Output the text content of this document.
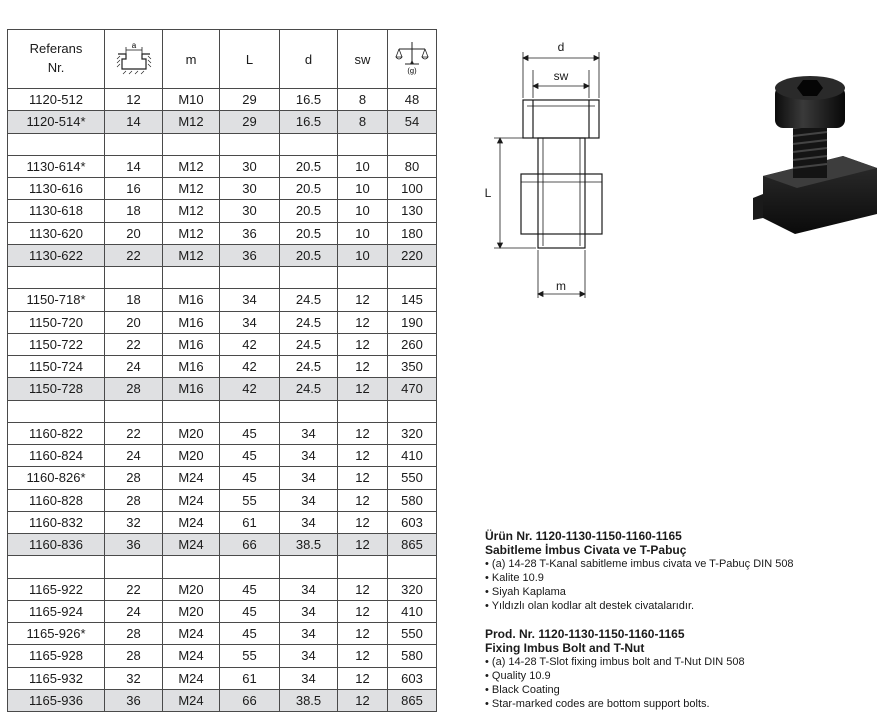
Referans
Nr.	a	m	L	d	sw	(g)

1120-512	12	M10	29	16.5	8	48
1120-514*	14	M12	29	16.5	8	54

1130-614*	14	M12	30	20.5	10	80
1130-616	16	M12	30	20.5	10	100
1130-618	18	M12	30	20.5	10	130
1130-620	20	M12	36	20.5	10	180
1130-622	22	M12	36	20.5	10	220

1150-718*	18	M16	34	24.5	12	145
1150-720	20	M16	34	24.5	12	190
1150-722	22	M16	42	24.5	12	260
1150-724	24	M16	42	24.5	12	350
1150-728	28	M16	42	24.5	12	470

1160-822	22	M20	45	34	12	320
1160-824	24	M20	45	34	12	410
1160-826*	28	M24	45	34	12	550
1160-828	28	M24	55	34	12	580
1160-832	32	M24	61	34	12	603
1160-836	36	M24	66	38.5	12	865

1165-922	22	M20	45	34	12	320
1165-924	24	M20	45	34	12	410
1165-926*	28	M24	45	34	12	550
1165-928	28	M24	55	34	12	580
1165-932	32	M24	61	34	12	603
1165-936	36	M24	66	38.5	12	865
d
sw
L
m
Ürün Nr. 1120-1130-1150-1160-1165
Sabitleme İmbus Civata ve T-Pabuç
• (a) 14-28 T-Kanal sabitleme imbus civata ve T-Pabuç DIN 508
• Kalite 10.9
• Siyah Kaplama
• Yıldızlı olan kodlar alt destek civatalarıdır.
Prod. Nr. 1120-1130-1150-1160-1165
Fixing Imbus Bolt and T-Nut
• (a) 14-28 T-Slot fixing imbus bolt and T-Nut DIN 508
• Quality 10.9
• Black Coating
• Star-marked codes are bottom support bolts.
